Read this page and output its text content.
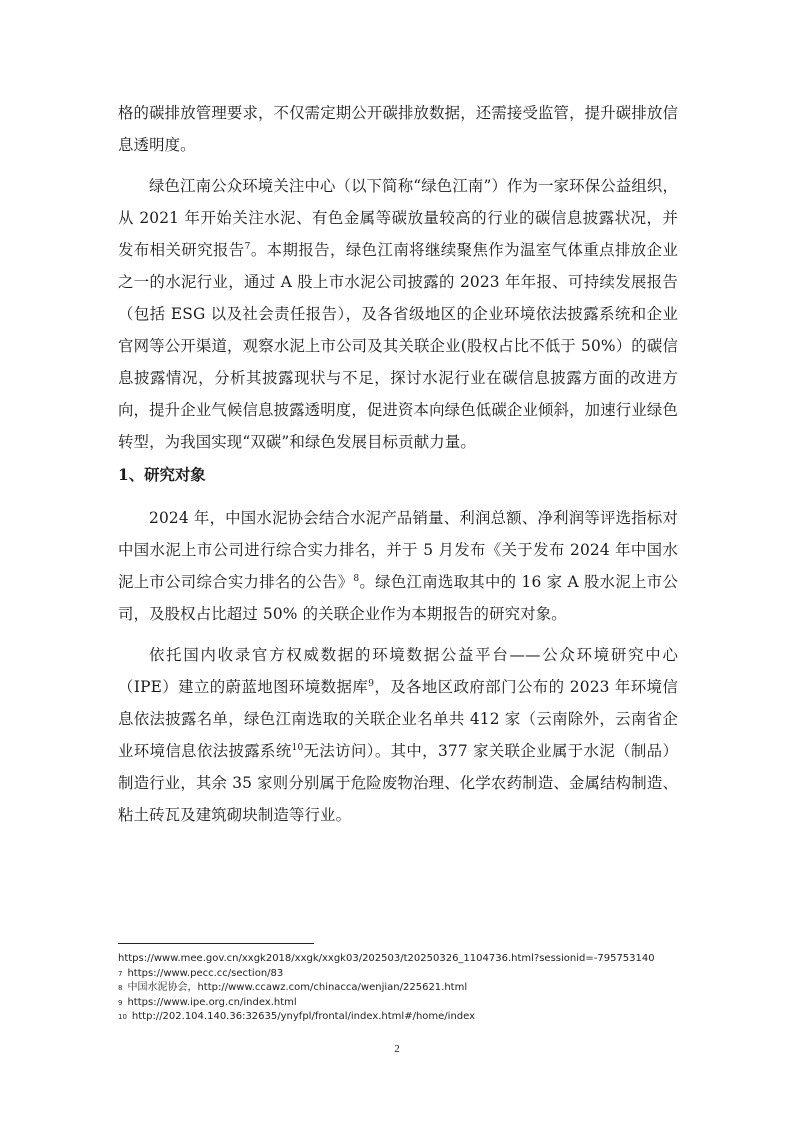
格的碳排放管理要求，不仅需定期公开碳排放数据，还需接受监管，提升碳排放信息透明度。

绿色江南公众环境关注中心（以下简称“绿色江南”）作为一家环保公益组织，从 2021 年开始关注水泥、有色金属等碳放量较高的行业的碳信息披露状况，并发布相关研究报告$^7$。本期报告，绿色江南将继续聚焦作为温室气体重点排放企业之一的水泥行业，通过 A 股上市水泥公司披露的 2023 年年报、可持续发展报告（包括 ESG 以及社会责任报告），及各省级地区的企业环境依法披露系统和企业官网等公开渠道，观察水泥上市公司及其关联企业(股权占比不低于 50%）的碳信息披露情况，分析其披露现状与不足，探讨水泥行业在碳信息披露方面的改进方向，提升企业气候信息披露透明度，促进资本向绿色低碳企业倾斜，加速行业绿色转型，为我国实现“双碳”和绿色发展目标贡献力量。

1、研究对象

2024 年，中国水泥协会结合水泥产品销量、利润总额、净利润等评选指标对中国水泥上市公司进行综合实力排名，并于 5 月发布《关于发布 2024 年中国水泥上市公司综合实力排名的公告》$^8$。绿色江南选取其中的 16 家 A 股水泥上市公司，及股权占比超过 50% 的关联企业作为本期报告的研究对象。

依托国内收录官方权威数据的环境数据公益平台——公众环境研究中心（IPE）建立的蔚蓝地图环境数据库$^9$，及各地区政府部门公布的 2023 年环境信息依法披露名单，绿色江南选取的关联企业名单共 412 家（云南除外，云南省企业环境信息依法披露系统$^{10}$无法访问）。其中，377 家关联企业属于水泥（制品）制造行业，其余 35 家则分别属于危险废物治理、化学农药制造、金属结构制造、粘土砖瓦及建筑砌块制造等行业。

https://www.mee.gov.cn/xxgk2018/xxgk/xxgk03/202503/t20250326_1104736.html?sessionid=-795753140

$^7$ https://www.pecc.cc/section/83

$^8$ 中国水泥协会，http://www.ccawz.com/chinacca/wenjian/225621.html

$^9$ https://www.ipe.org.cn/index.html

$^{10}$ http://202.104.140.36:32635/ynyfpl/frontal/index.html#/home/index

2
